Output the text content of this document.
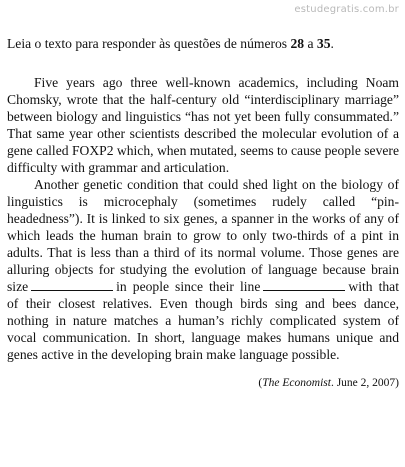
estudegratis.com.br

Leia o texto para responder às questões de números 28 a 35.

Five years ago three well-known academics, including Noam Chomsky, wrote that the half-century old “interdisciplinary marriage” between biology and linguistics “has not yet been fully consummated.” That same year other scientists described the molecular evolution of a gene called FOXP2 which, when mutated, seems to cause people severe difficulty with grammar and articulation.

Another genetic condition that could shed light on the biology of linguistics is microcephaly (sometimes rudely called “pin-headedness”). It is linked to six genes, a spanner in the works of any of which leads the human brain to grow to only two-thirds of a pint in adults. That is less than a third of its normal volume. Those genes are alluring objects for studying the evolution of language because brain size	in people since their line	with that of their closest relatives. Even though birds sing and bees dance, nothing in nature matches a human’s richly complicated system of vocal communication. In short, language makes humans unique and genes active in the developing brain make language possible.

(The Economist. June 2, 2007)
